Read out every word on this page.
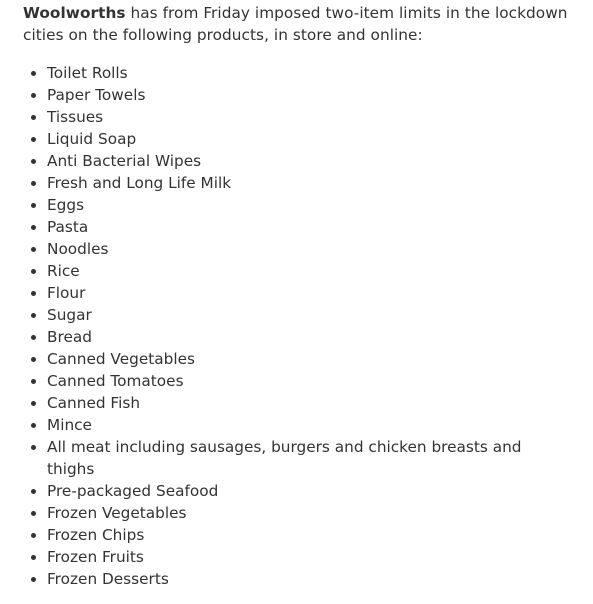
Woolworths has from Friday imposed two-item limits in the lockdown cities on the following products, in store and online:

Toilet Rolls
Paper Towels
Tissues
Liquid Soap
Anti Bacterial Wipes
Fresh and Long Life Milk
Eggs
Pasta
Noodles
Rice
Flour
Sugar
Bread
Canned Vegetables
Canned Tomatoes
Canned Fish
Mince
All meat including sausages, burgers and chicken breasts and thighs
Pre-packaged Seafood
Frozen Vegetables
Frozen Chips
Frozen Fruits
Frozen Desserts
